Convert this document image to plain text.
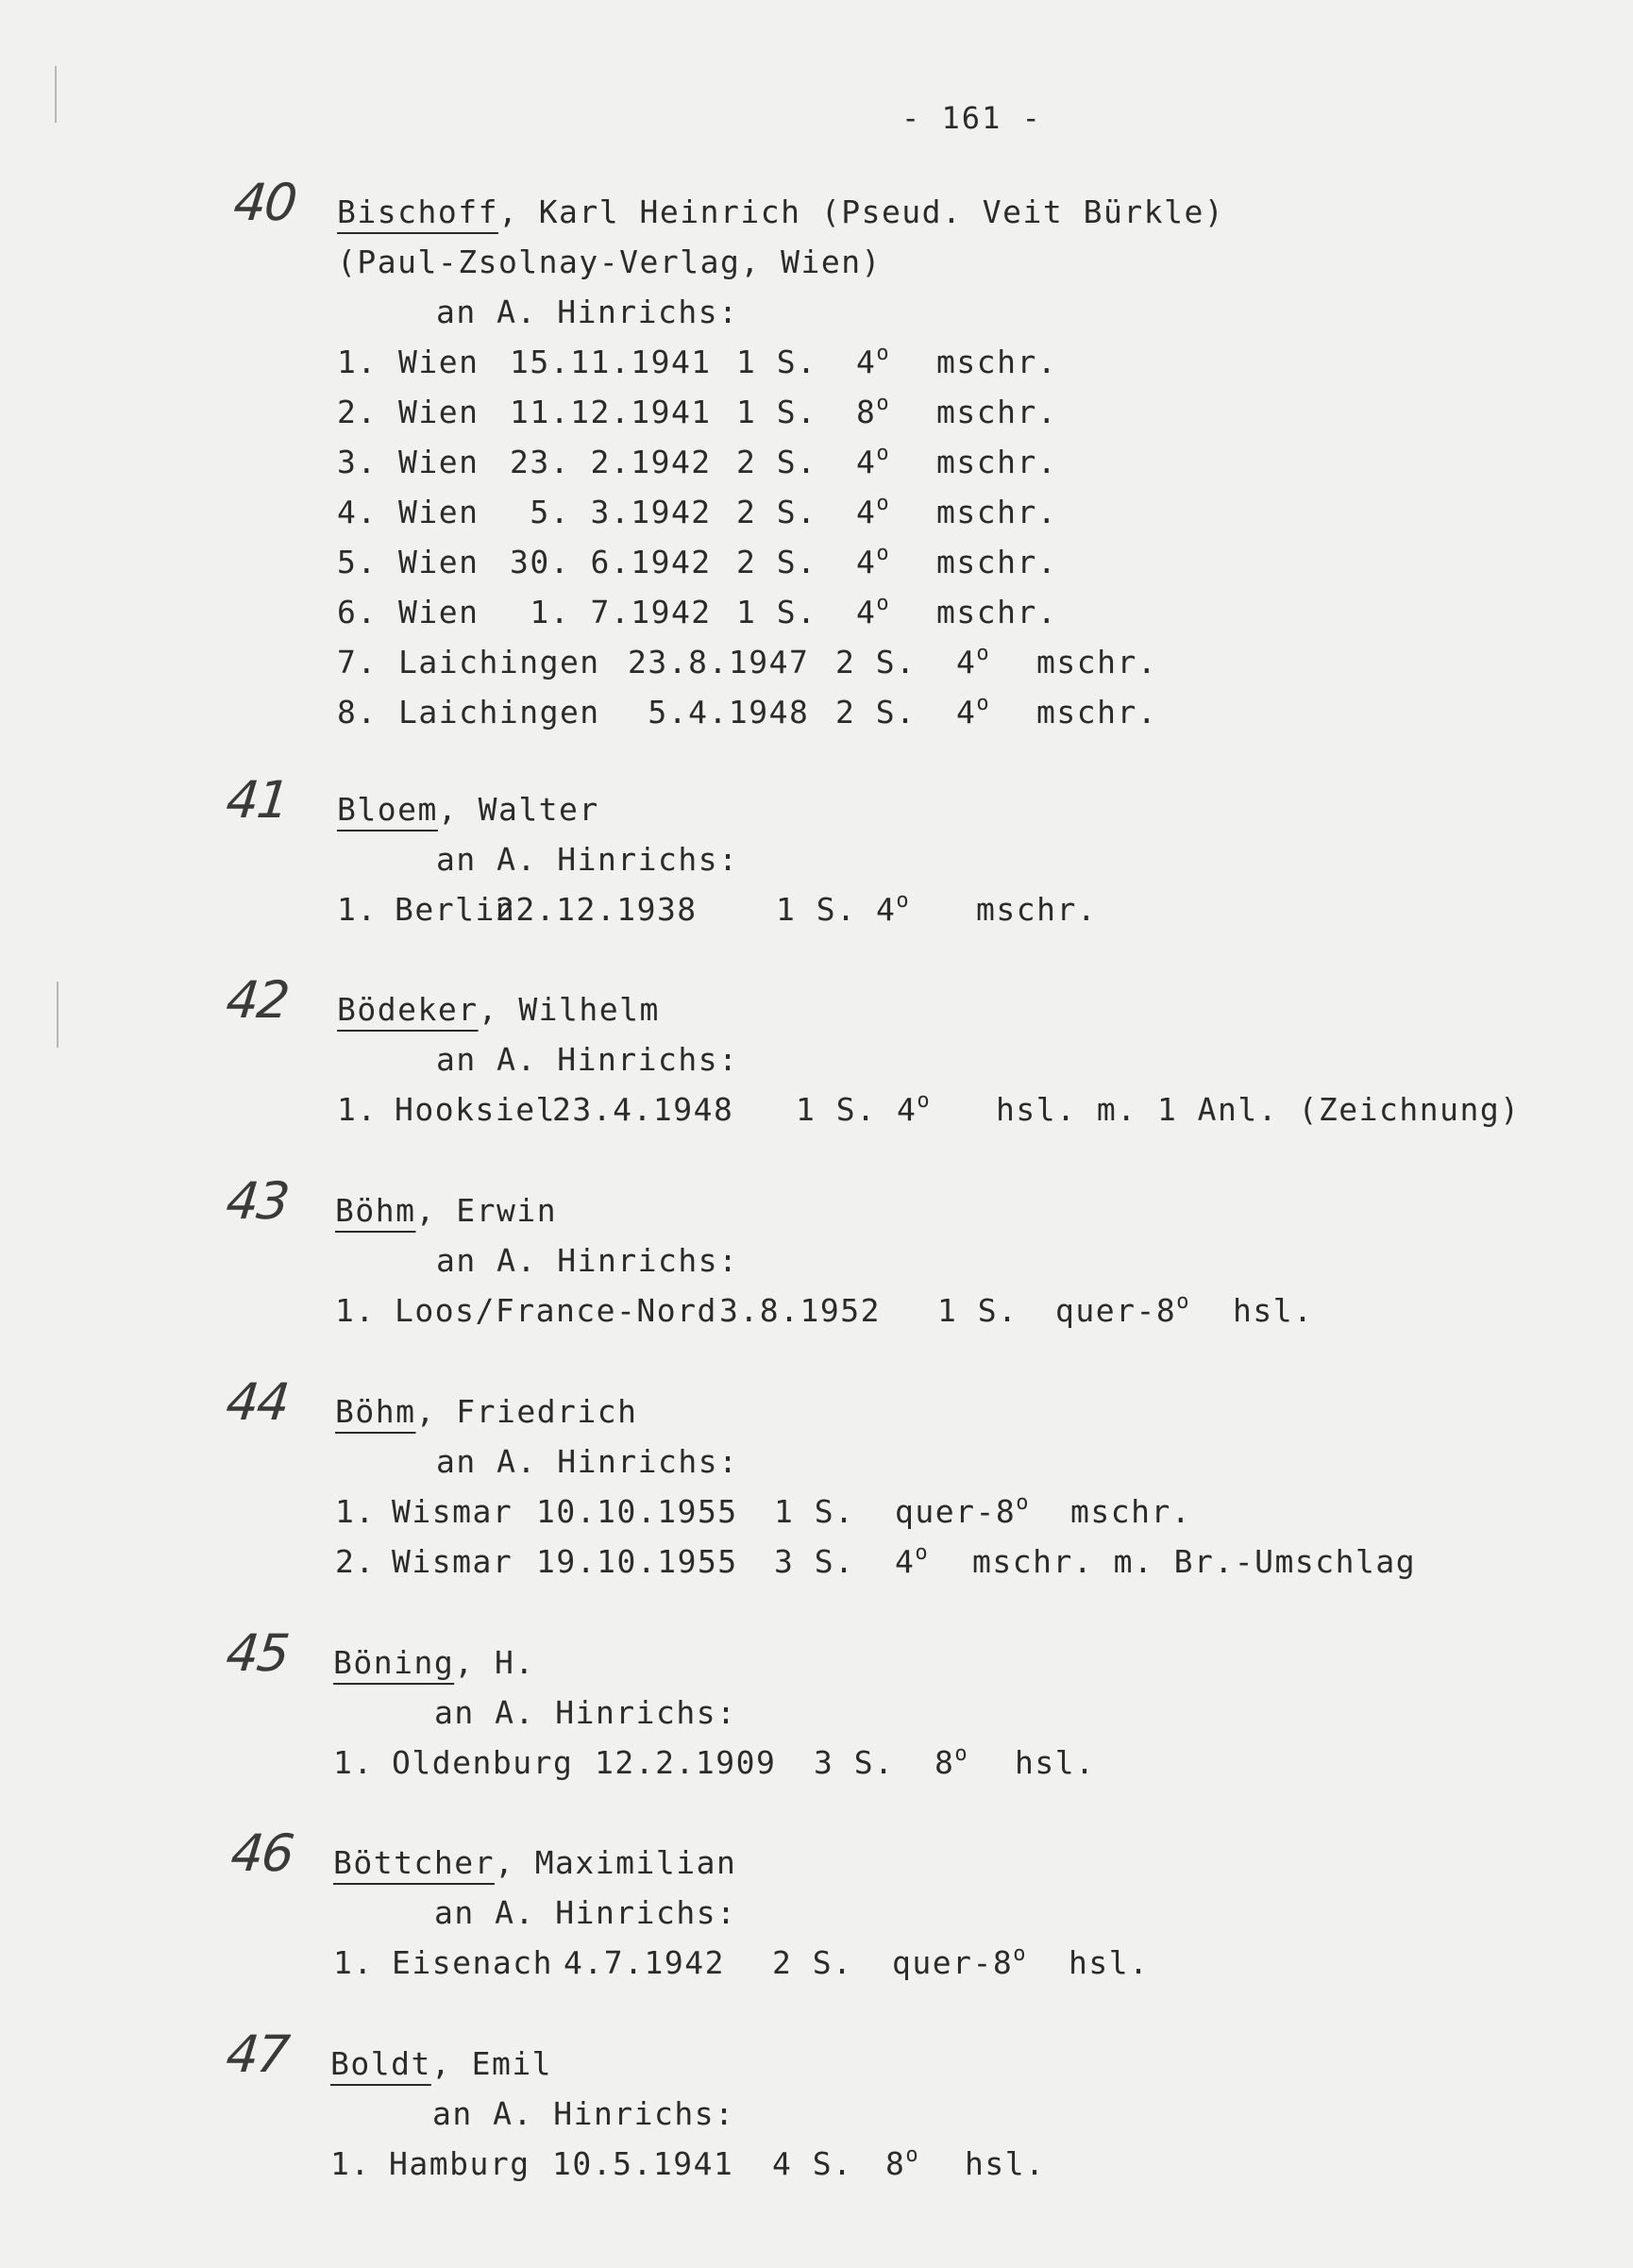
- 161 -
40 Bischoff, Karl Heinrich (Pseud. Veit Bürkle)
(Paul-Zsolnay-Verlag, Wien)
an A. Hinrichs:
1. Wien 15.11.1941 1 S. 4$^o$ mschr.
2. Wien 11.12.1941 1 S. 8$^o$ mschr.
3. Wien 23. 2.1942 2 S. 4$^o$ mschr.
4. Wien 5. 3.1942 2 S. 4$^o$ mschr.
5. Wien 30. 6.1942 2 S. 4$^o$ mschr.
6. Wien 1. 7.1942 1 S. 4$^o$ mschr.
7. Laichingen 23.8.1947 2 S. 4$^o$ mschr.
8. Laichingen 5.4.1948 2 S. 4$^o$ mschr.
41 Bloem, Walter
an A. Hinrichs:
1. Berlin
22.12.1938	1 S. 4$^o$ mschr.
42 Bödeker, Wilhelm
an A. Hinrichs:
1. Hooksiel
23.4.1948 1 S. 4$^o$ hsl. m. 1 Anl. (Zeichnung)
43 Böhm, Erwin
an A. Hinrichs:
1. Loos/France-Nord 3.8.1952 1 S. quer-8$^o$ hsl.
44 Böhm, Friedrich
an A. Hinrichs:
1. Wismar 10.10.1955 1 S. quer-8$^o$ mschr.
2. Wismar 19.10.1955 3 S. 4$^o$ mschr. m. Br.-Umschlag
45 Böning, H.
an A. Hinrichs:
1. Oldenburg 12.2.1909 3 S. 8$^o$ hsl.
46 Böttcher, Maximilian
an A. Hinrichs:
1. Eisenach 4.7.1942 2 S. quer-8$^o$ hsl.
47 Boldt, Emil
an A. Hinrichs:
1. Hamburg 10.5.1941 4 S. 8$^o$ hsl.
